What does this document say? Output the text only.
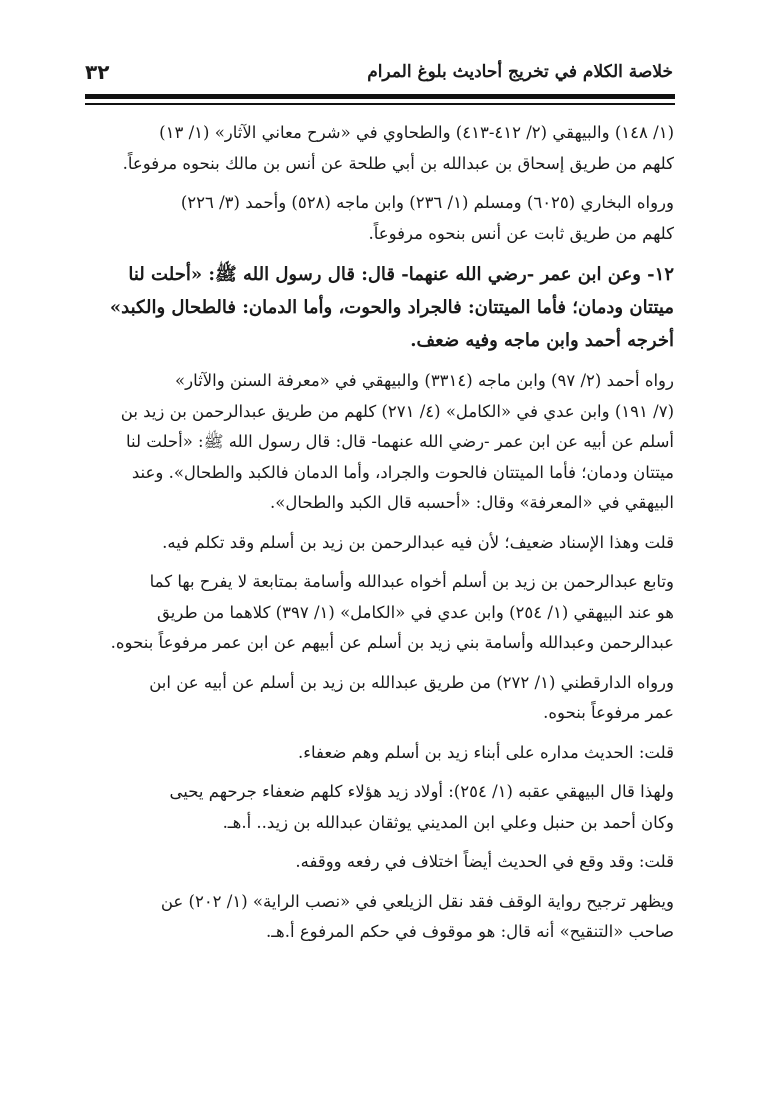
٣٢	خلاصة الكلام في تخريج أحاديث بلوغ المرام

(١/ ١٤٨) والبيهقي (٢/ ٤١٢-٤١٣) والطحاوي في «شرح معاني الآثار» (١/ ١٣)
كلهم من طريق إسحاق بن عبدالله بن أبي طلحة عن أنس بن مالك بنحوه مرفوعاً.

ورواه البخاري (٦٠٢٥) ومسلم (١/ ٢٣٦) وابن ماجه (٥٢٨) وأحمد (٣/ ٢٢٦)
كلهم من طريق ثابت عن أنس بنحوه مرفوعاً.

١٢- وعن ابن عمر -رضي الله عنهما- قال: قال رسول الله ﷺ: «أحلت لنا
ميتتان ودمان؛ فأما الميتتان: فالجراد والحوت، وأما الدمان: فالطحال والكبد»
أخرجه أحمد وابن ماجه وفيه ضعف.

رواه أحمد (٢/ ٩٧) وابن ماجه (٣٣١٤) والبيهقي في «معرفة السنن والآثار»
(٧/ ١٩١) وابن عدي في «الكامل» (٤/ ٢٧١) كلهم من طريق عبدالرحمن بن زيد بن
أسلم عن أبيه عن ابن عمر -رضي الله عنهما- قال: قال رسول الله ﷺ: «أحلت لنا
ميتتان ودمان؛ فأما الميتتان فالحوت والجراد، وأما الدمان فالكبد والطحال». وعند
البيهقي في «المعرفة» وقال: «أحسبه قال الكبد والطحال».

قلت وهذا الإسناد ضعيف؛ لأن فيه عبدالرحمن بن زيد بن أسلم وقد تكلم فيه.

وتابع عبدالرحمن بن زيد بن أسلم أخواه عبدالله وأسامة بمتابعة لا يفرح بها كما
هو عند البيهقي (١/ ٢٥٤) وابن عدي في «الكامل» (١/ ٣٩٧) كلاهما من طريق
عبدالرحمن وعبدالله وأسامة بني زيد بن أسلم عن أبيهم عن ابن عمر مرفوعاً بنحوه.

ورواه الدارقطني (١/ ٢٧٢) من طريق عبدالله بن زيد بن أسلم عن أبيه عن ابن
عمر مرفوعاً بنحوه.

قلت: الحديث مداره على أبناء زيد بن أسلم وهم ضعفاء.

ولهذا قال البيهقي عقبه (١/ ٢٥٤): أولاد زيد هؤلاء كلهم ضعفاء جرحهم يحيى
وكان أحمد بن حنبل وعلي ابن المديني يوثقان عبدالله بن زيد.. أ.هـ.

قلت: وقد وقع في الحديث أيضاً اختلاف في رفعه ووقفه.

ويظهر ترجيح رواية الوقف فقد نقل الزيلعي في «نصب الراية» (١/ ٢٠٢) عن
صاحب «التنقيح» أنه قال: هو موقوف في حكم المرفوع أ.هـ.
